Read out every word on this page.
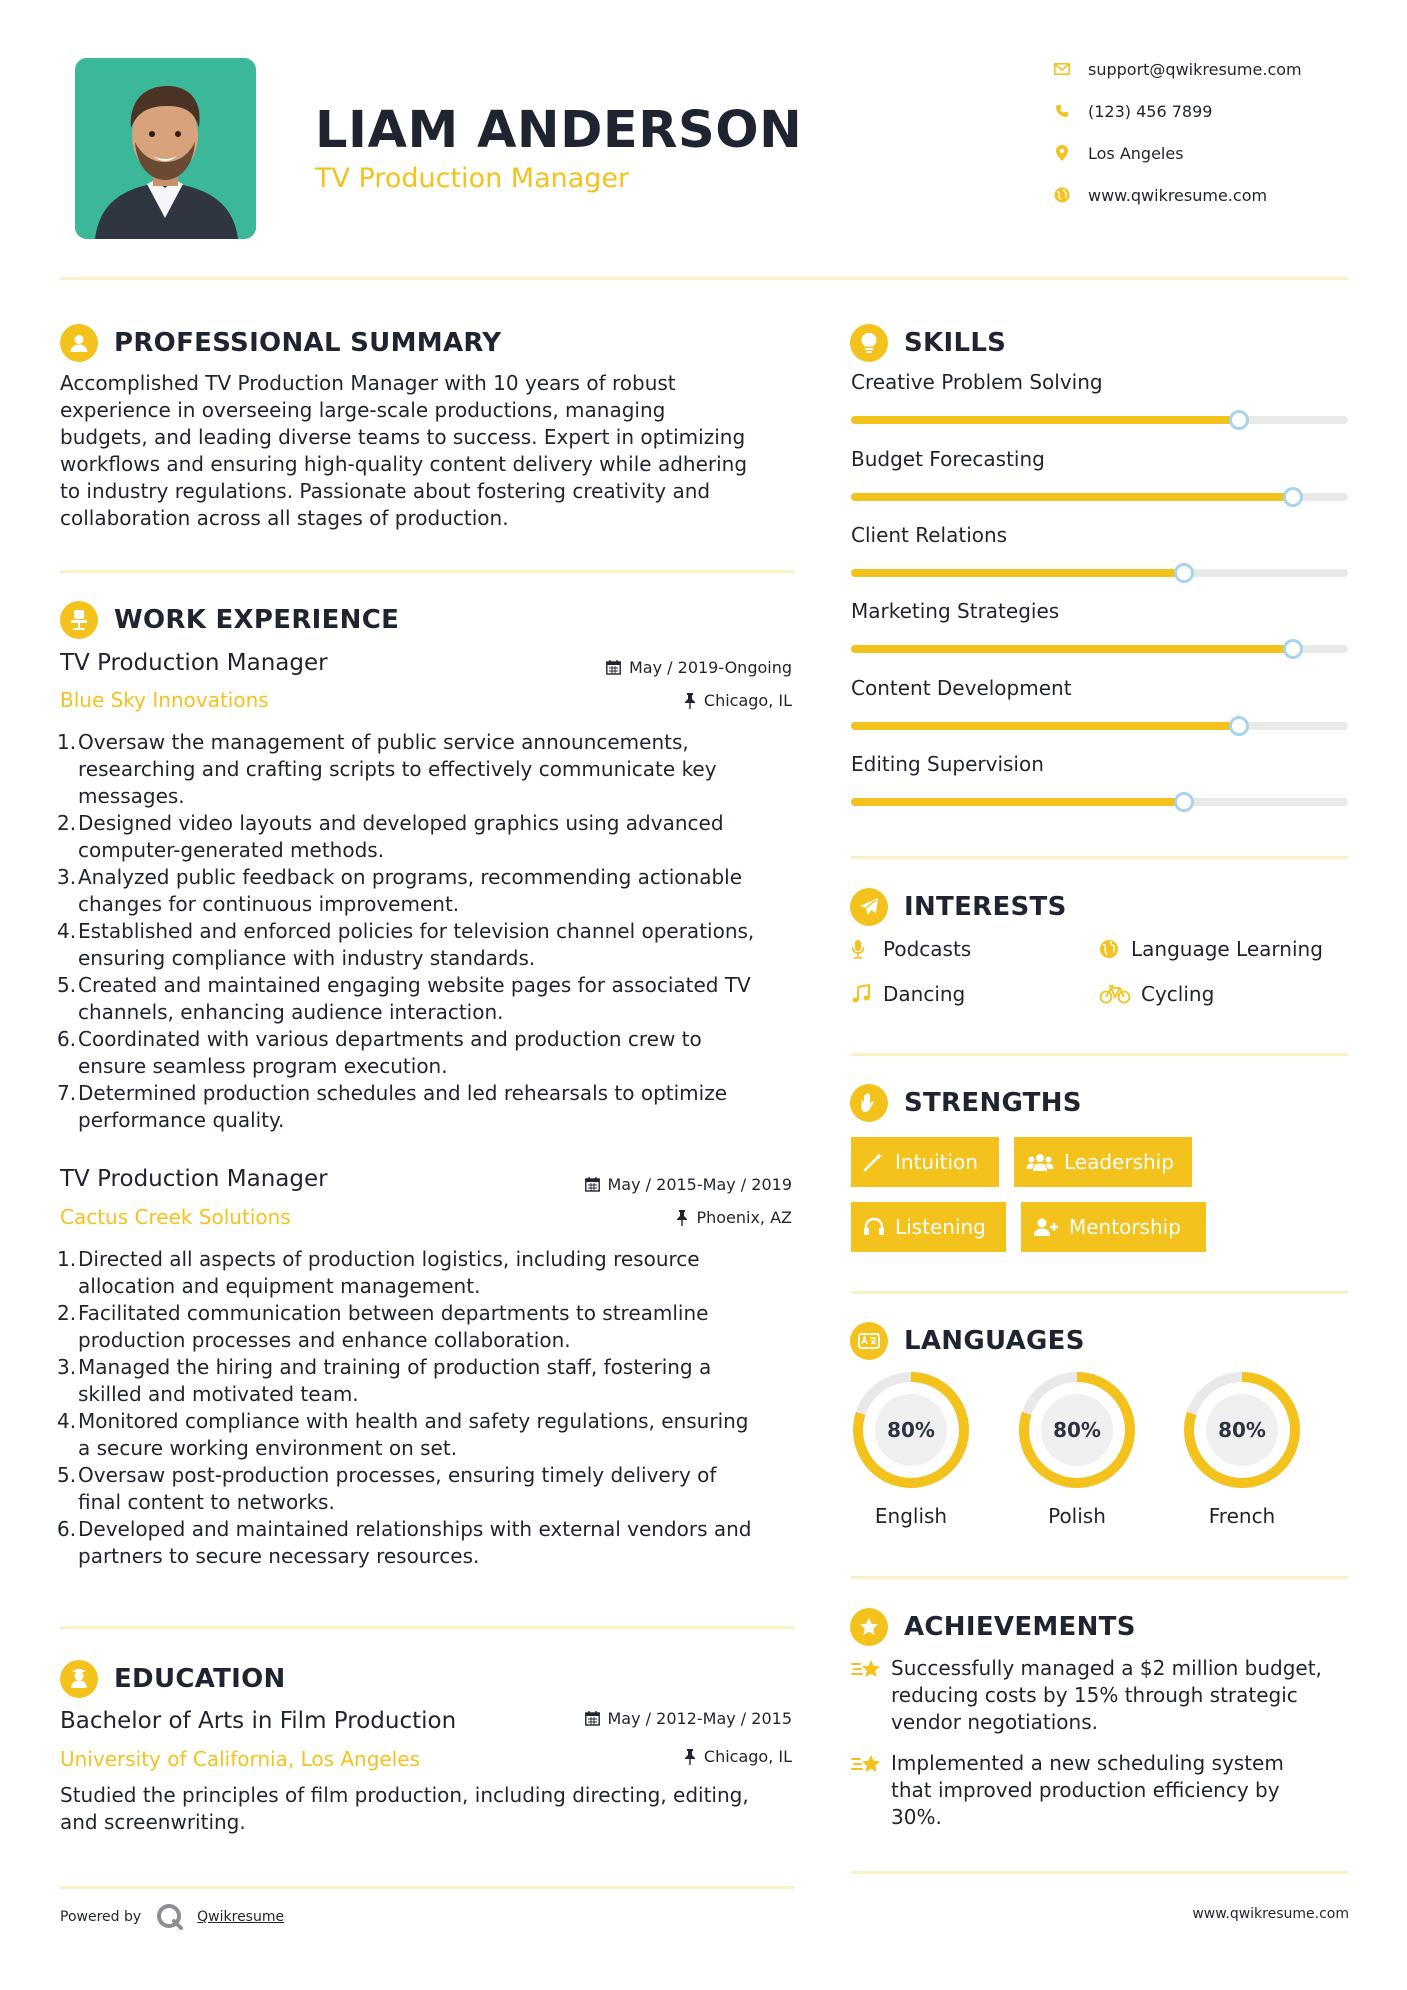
LIAM ANDERSON
TV Production Manager
support@qwikresume.com
(123) 456 7899
Los Angeles
www.qwikresume.com
PROFESSIONAL SUMMARY
Accomplished TV Production Manager with 10 years of robust
experience in overseeing large-scale productions, managing
budgets, and leading diverse teams to success. Expert in optimizing
workflows and ensuring high-quality content delivery while adhering
to industry regulations. Passionate about fostering creativity and
collaboration across all stages of production.
WORK EXPERIENCE
TV Production Manager	May / 2019-Ongoing
Blue Sky Innovations	Chicago, IL
1. Oversaw the management of public service announcements,
researching and crafting scripts to effectively communicate key
messages.
2. Designed video layouts and developed graphics using advanced
computer-generated methods.
3. Analyzed public feedback on programs, recommending actionable
changes for continuous improvement.
4. Established and enforced policies for television channel operations,
ensuring compliance with industry standards.
5. Created and maintained engaging website pages for associated TV
channels, enhancing audience interaction.
6. Coordinated with various departments and production crew to
ensure seamless program execution.
7. Determined production schedules and led rehearsals to optimize
performance quality.
TV Production Manager	May / 2015-May / 2019
Cactus Creek Solutions	Phoenix, AZ
1. Directed all aspects of production logistics, including resource
allocation and equipment management.
2. Facilitated communication between departments to streamline
production processes and enhance collaboration.
3. Managed the hiring and training of production staff, fostering a
skilled and motivated team.
4. Monitored compliance with health and safety regulations, ensuring
a secure working environment on set.
5. Oversaw post-production processes, ensuring timely delivery of
final content to networks.
6. Developed and maintained relationships with external vendors and
partners to secure necessary resources.
EDUCATION
Bachelor of Arts in Film Production	May / 2012-May / 2015
University of California, Los Angeles	Chicago, IL
Studied the principles of film production, including directing, editing,
and screenwriting.
SKILLS
Creative Problem Solving
Budget Forecasting
Client Relations
Marketing Strategies
Content Development
Editing Supervision
INTERESTS
Podcasts	Language Learning
Dancing	Cycling
STRENGTHS
Intuition	Leadership
Listening	Mentorship
LANGUAGES
80%
English
80%
Polish
80%
French
ACHIEVEMENTS
Successfully managed a $2 million budget,
reducing costs by 15% through strategic
vendor negotiations.
Implemented a new scheduling system
that improved production efficiency by
30%.
Powered by	Qwikresume	www.qwikresume.com
